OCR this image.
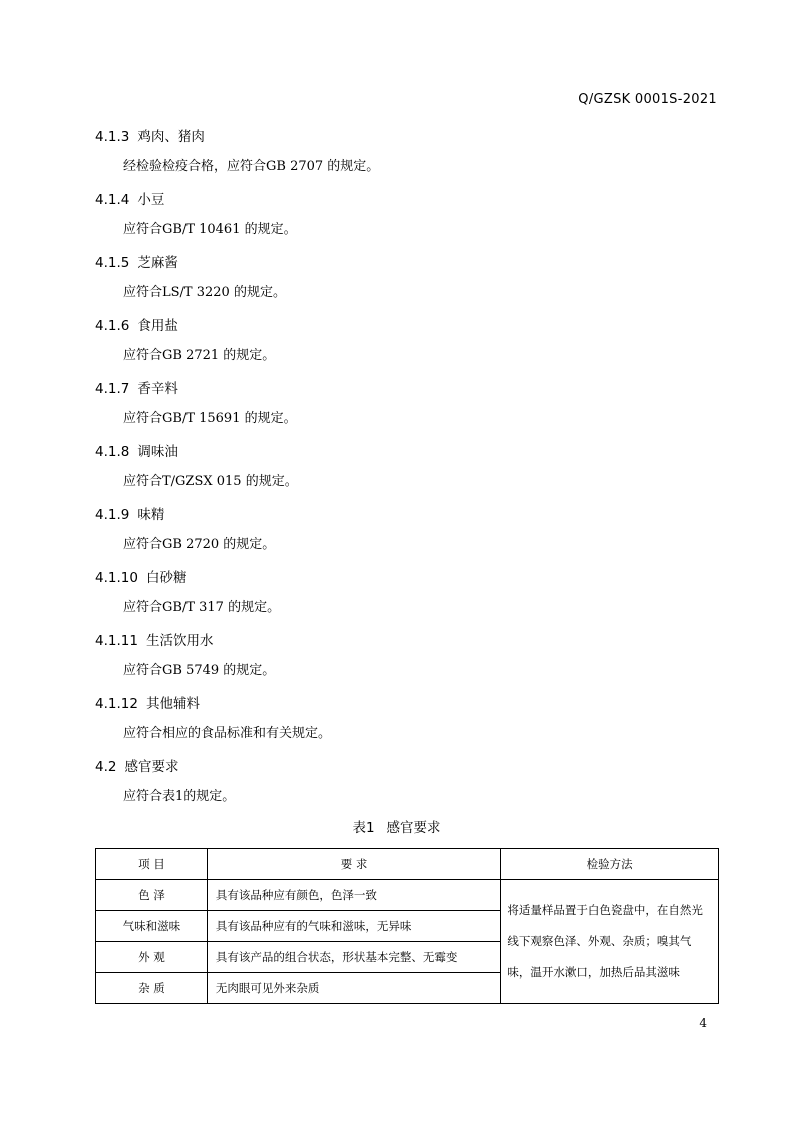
Q/GZSK 0001S-2021
4.1.3 鸡肉、猪肉
经检验检疫合格，应符合GB 2707 的规定。
4.1.4 小豆
应符合GB/T 10461 的规定。
4.1.5 芝麻酱
应符合LS/T 3220 的规定。
4.1.6 食用盐
应符合GB 2721 的规定。
4.1.7 香辛料
应符合GB/T 15691 的规定。
4.1.8 调味油
应符合T/GZSX 015 的规定。
4.1.9 味精
应符合GB 2720 的规定。
4.1.10 白砂糖
应符合GB/T 317 的规定。
4.1.11 生活饮用水
应符合GB 5749 的规定。
4.1.12 其他辅料
应符合相应的食品标准和有关规定。
4.2 感官要求
应符合表1的规定。
表1 感官要求
项 目	要 求	检验方法
色 泽	具有该品种应有颜色，色泽一致	将适量样品置于白色瓷盘中，在自然光线下观察色泽、外观、杂质；嗅其气味，温开水漱口，加热后品其滋味
气味和滋味	具有该品种应有的气味和滋味，无异味	
外 观	具有该产品的组合状态，形状基本完整、无霉变	
杂 质	无肉眼可见外来杂质	
4
